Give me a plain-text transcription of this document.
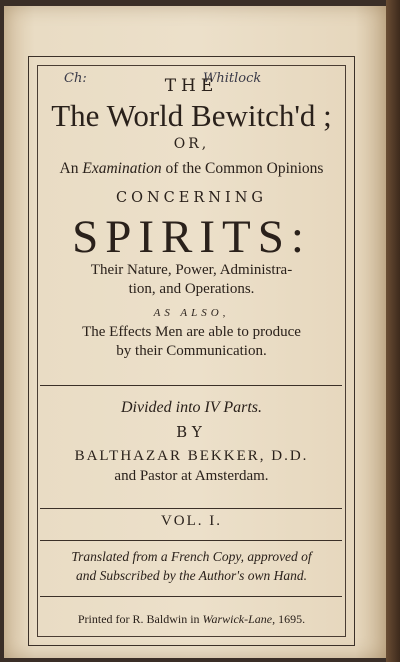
Ch:	Whitlock
THE
The World Bewitch'd ;
OR,
An Examination of the Common Opinions
CONCERNING
SPIRITS:
Their Nature, Power, Administra-
tion, and Operations.
AS ALSO,
The Effects Men are able to produce
by their Communication.
Divided into IV Parts.
BY
BALTHAZAR BEKKER, D.D.
and Pastor at Amsterdam.
VOL. I.
Translated from a French Copy, approved of
and Subscribed by the Author's own Hand.
Printed for R. Baldwin in Warwick-Lane, 1695.
